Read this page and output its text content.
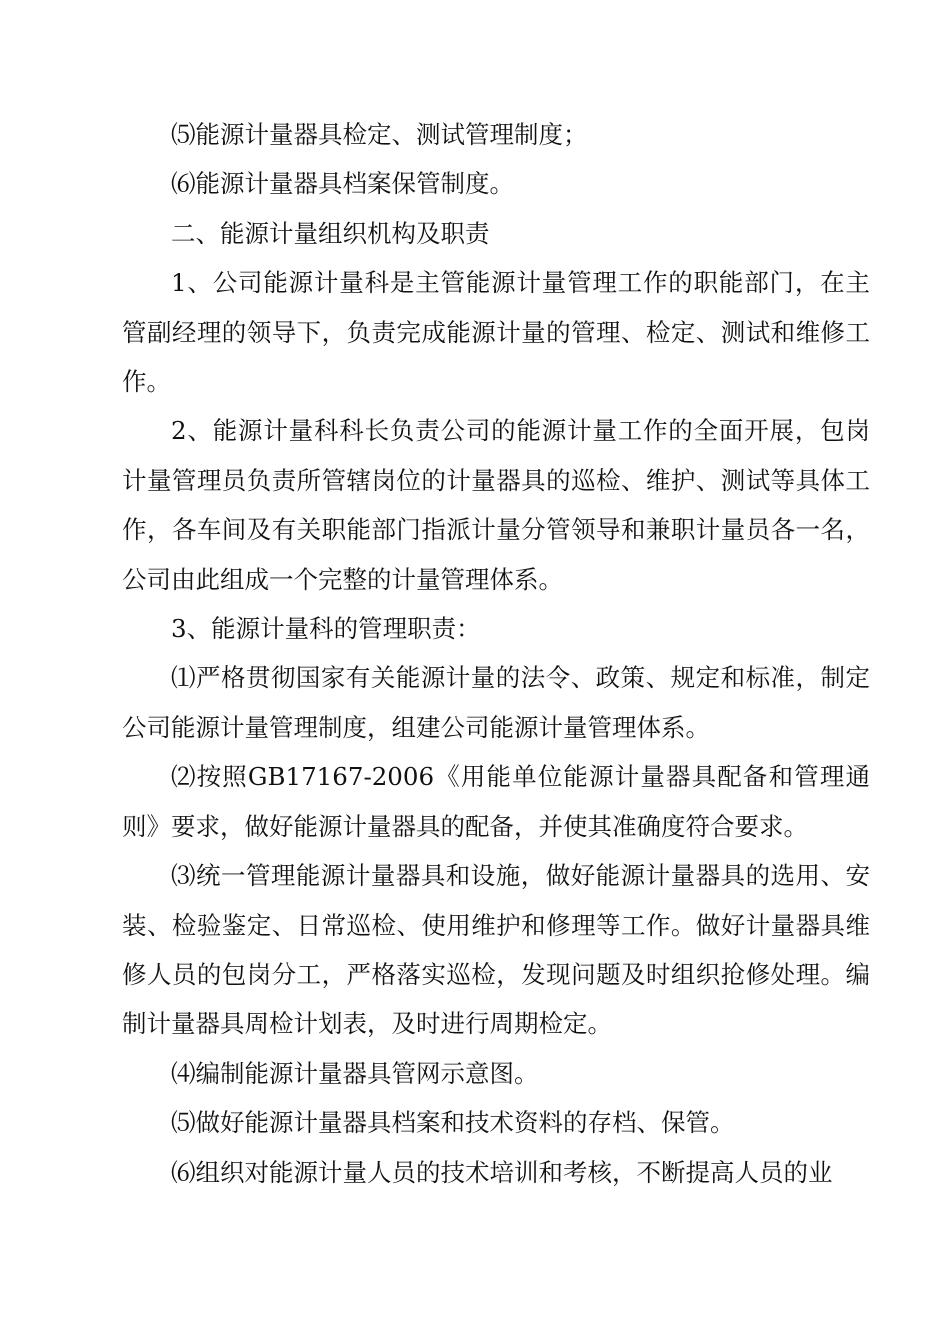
⑸能源计量器具检定、测试管理制度；

⑹能源计量器具档案保管制度。

二、能源计量组织机构及职责

1、公司能源计量科是主管能源计量管理工作的职能部门，在主管副经理的领导下，负责完成能源计量的管理、检定、测试和维修工作。

2、能源计量科科长负责公司的能源计量工作的全面开展，包岗计量管理员负责所管辖岗位的计量器具的巡检、维护、测试等具体工作，各车间及有关职能部门指派计量分管领导和兼职计量员各一名，公司由此组成一个完整的计量管理体系。

3、能源计量科的管理职责：

⑴严格贯彻国家有关能源计量的法令、政策、规定和标准，制定公司能源计量管理制度，组建公司能源计量管理体系。

⑵按照GB17167-2006《用能单位能源计量器具配备和管理通则》要求，做好能源计量器具的配备，并使其准确度符合要求。

⑶统一管理能源计量器具和设施，做好能源计量器具的选用、安装、检验鉴定、日常巡检、使用维护和修理等工作。做好计量器具维修人员的包岗分工，严格落实巡检，发现问题及时组织抢修处理。编制计量器具周检计划表，及时进行周期检定。

⑷编制能源计量器具管网示意图。

⑸做好能源计量器具档案和技术资料的存档、保管。

⑹组织对能源计量人员的技术培训和考核，不断提高人员的业
